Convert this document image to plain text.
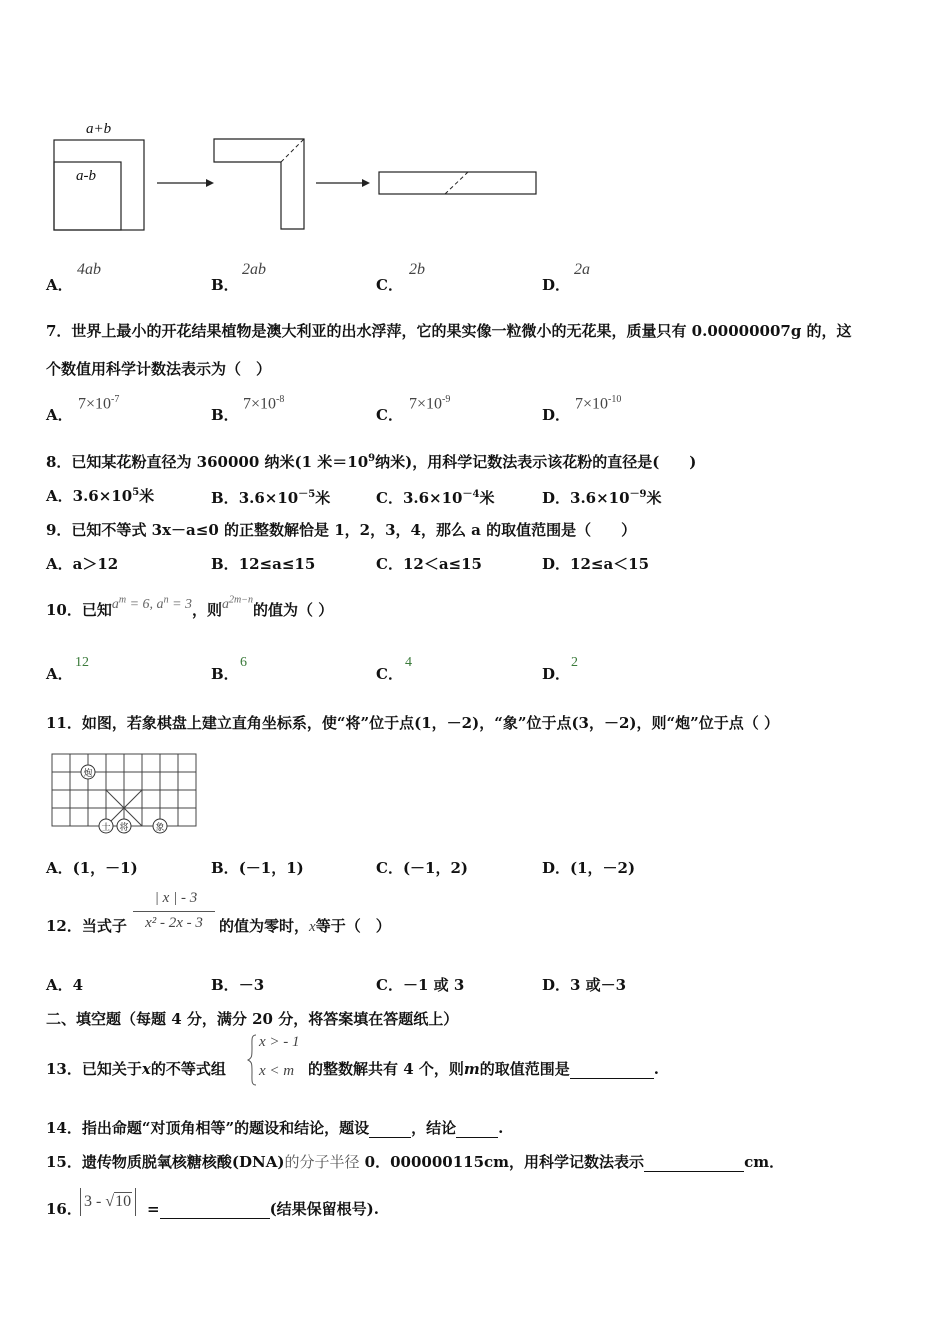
a+b
a-b
A．
4ab
B．
2ab
C．
2b
D．
2a
7．世界上最小的开花结果植物是澳大利亚的出水浮萍，它的果实像一粒微小的无花果，质量只有 0.00000007g 的，这
个数值用科学计数法表示为（　）
A．
$7\times 10^{-7}$
B．
$7\times 10^{-8}$
C．
$7\times 10^{-9}$
D．
$7\times 10^{-10}$
8．已知某花粉直径为 360000 纳米(1 米$=10^9$纳米)，用科学记数法表示该花粉的直径是(　　)
A．$3.6\times 10^5$米	B．$3.6\times 10^{-5}$米	C．$3.6\times 10^{-4}$米	D．$3.6\times 10^{-9}$米
9．已知不等式 3x－a≤0 的正整数解恰是 1，2，3，4，那么 a 的取值范围是（　　）
A．a＞12	B．12≤a≤15	C．12＜a≤15	D．12≤a＜15
10．已知$a^m = 6$, $a^n = 3$，则$a^{2m-n}$的值为（ ）
A．
12
B．
6
C．
4
D．
2
11．如图，若象棋盘上建立直角坐标系，使“将”位于点(1，－2)，“象”位于点(3，－2)，则“炮”位于点（ ）
炮
士 将	象
A．(1，－1)	B．(－1，1)	C．(－1，2)	D．(1，－2)
12．当式子
| x | - 3
x² - 2x - 3	的值为零时，x等于（　）
A．4	B．－3	C．－1 或 3	D．3 或－3
二、填空题（每题 4 分，满分 20 分，将答案填在答题纸上）
13．已知关于x的不等式组
x > - 1
x < m 的整数解共有 4 个，则m的取值范围是	.
14．指出命题“对顶角相等”的题设和结论，题设	，结论	.
15．遗传物质脱氧核糖核酸(DNA)的分子半径 0．000000115cm，用科学记数法表示	cm．
16． 3 - √10	=	(结果保留根号).
